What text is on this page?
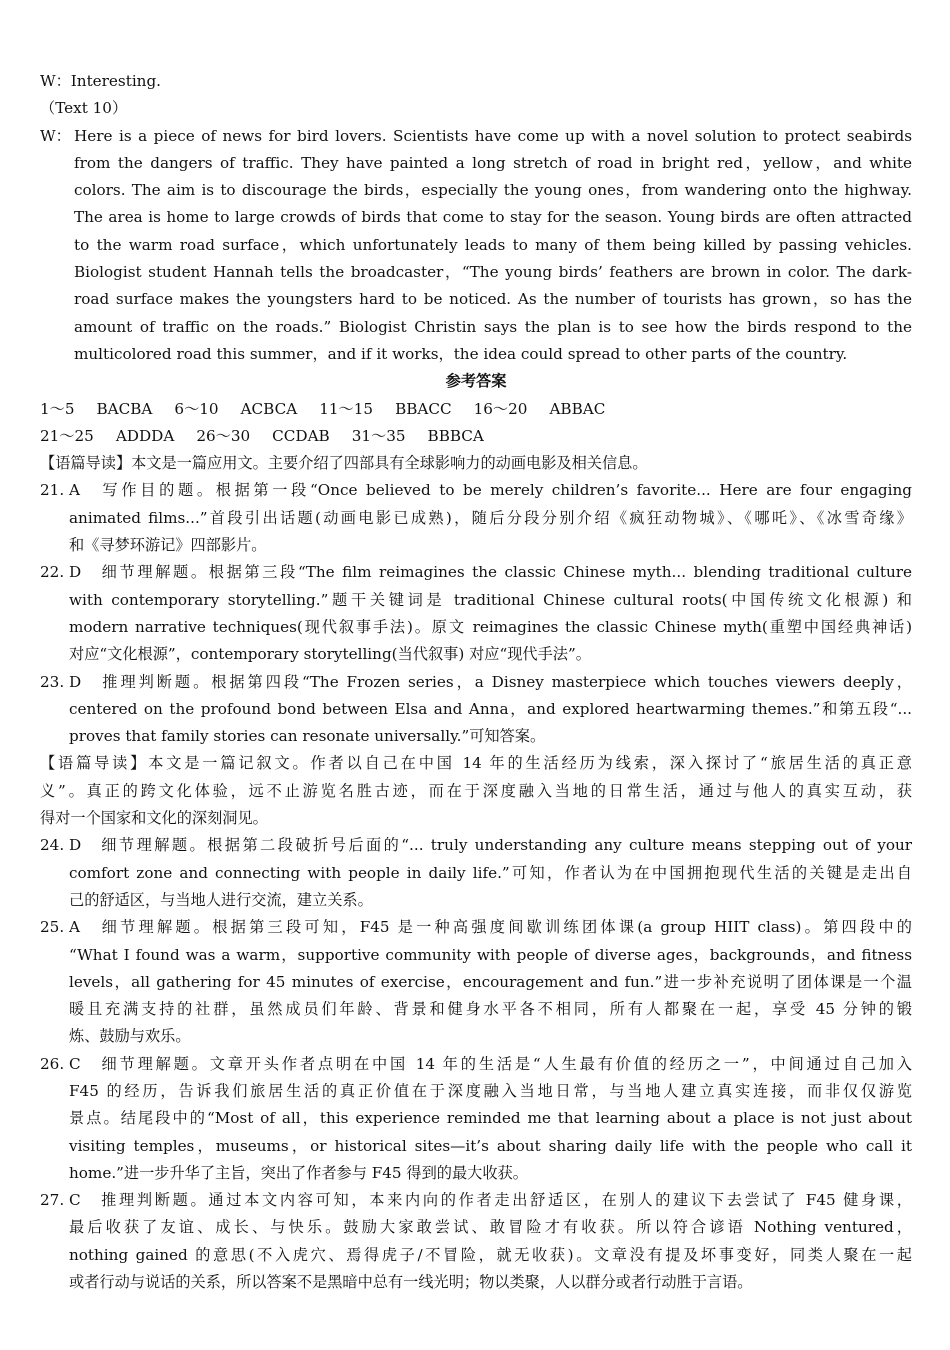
W：Interesting.
（Text 10）
W： Here is a piece of news for bird lovers. Scientists have come up with a novel solution to protect seabirds
from the dangers of traffic. They have painted a long stretch of road in bright red，yellow，and white
colors. The aim is to discourage the birds，especially the young ones，from wandering onto the highway.
The area is home to large crowds of birds that come to stay for the season. Young birds are often attracted
to the warm road surface，which unfortunately leads to many of them being killed by passing vehicles.
Biologist student Hannah tells the broadcaster，“The young birds’ feathers are brown in color. The dark-
road surface makes the youngsters hard to be noticed. As the number of tourists has grown，so has the
amount of traffic on the roads.” Biologist Christin says the plan is to see how the birds respond to the
multicolored road this summer，and if it works，the idea could spread to other parts of the country.
参考答案
1～5 BACBA 6～10 ACBCA 11～15 BBACC 16～20 ABBAC
21～25 ADDDA 26～30 CCDAB 31～35 BBBCA
【语篇导读】本文是一篇应用文。主要介绍了四部具有全球影响力的动画电影及相关信息。
21. A　写作目的题。根据第一段“Once believed to be merely children’s favorite... Here are four engaging
animated films...”首段引出话题(动画电影已成熟)，随后分段分别介绍《疯狂动物城》、《哪吒》、《冰雪奇缘》
和《寻梦环游记》四部影片。
22. D　细节理解题。根据第三段“The film reimagines the classic Chinese myth... blending traditional culture
with contemporary storytelling.”题干关键词是 traditional Chinese cultural roots(中国传统文化根源) 和
modern narrative techniques(现代叙事手法)。原文 reimagines the classic Chinese myth(重塑中国经典神话)
对应“文化根源”，contemporary storytelling(当代叙事) 对应“现代手法”。
23. D　推理判断题。根据第四段“The Frozen series，a Disney masterpiece which touches viewers deeply，
centered on the profound bond between Elsa and Anna，and explored heartwarming themes.”和第五段“...
proves that family stories can resonate universally.”可知答案。
【语篇导读】本文是一篇记叙文。作者以自己在中国 14 年的生活经历为线索，深入探讨了“旅居生活的真正意
义”。真正的跨文化体验，远不止游览名胜古迹，而在于深度融入当地的日常生活，通过与他人的真实互动，获
得对一个国家和文化的深刻洞见。
24. D　细节理解题。根据第二段破折号后面的“... truly understanding any culture means stepping out of your
comfort zone and connecting with people in daily life.”可知，作者认为在中国拥抱现代生活的关键是走出自
己的舒适区，与当地人进行交流，建立关系。
25. A　细节理解题。根据第三段可知，F45 是一种高强度间歇训练团体课(a group HIIT class)。第四段中的
“What I found was a warm，supportive community with people of diverse ages，backgrounds，and fitness
levels，all gathering for 45 minutes of exercise，encouragement and fun.”进一步补充说明了团体课是一个温
暖且充满支持的社群，虽然成员们年龄、背景和健身水平各不相同，所有人都聚在一起，享受 45 分钟的锻
炼、鼓励与欢乐。
26. C　细节理解题。文章开头作者点明在中国 14 年的生活是“人生最有价值的经历之一”，中间通过自己加入
F45 的经历，告诉我们旅居生活的真正价值在于深度融入当地日常，与当地人建立真实连接，而非仅仅游览
景点。结尾段中的“Most of all，this experience reminded me that learning about a place is not just about
visiting temples，museums，or historical sites—it’s about sharing daily life with the people who call it
home.”进一步升华了主旨，突出了作者参与 F45 得到的最大收获。
27. C　推理判断题。通过本文内容可知，本来内向的作者走出舒适区，在别人的建议下去尝试了 F45 健身课，
最后收获了友谊、成长、与快乐。鼓励大家敢尝试、敢冒险才有收获。所以符合谚语 Nothing ventured，
nothing gained 的意思(不入虎穴、焉得虎子/不冒险，就无收获)。文章没有提及坏事变好，同类人聚在一起
或者行动与说话的关系，所以答案不是黑暗中总有一线光明；物以类聚，人以群分或者行动胜于言语。
